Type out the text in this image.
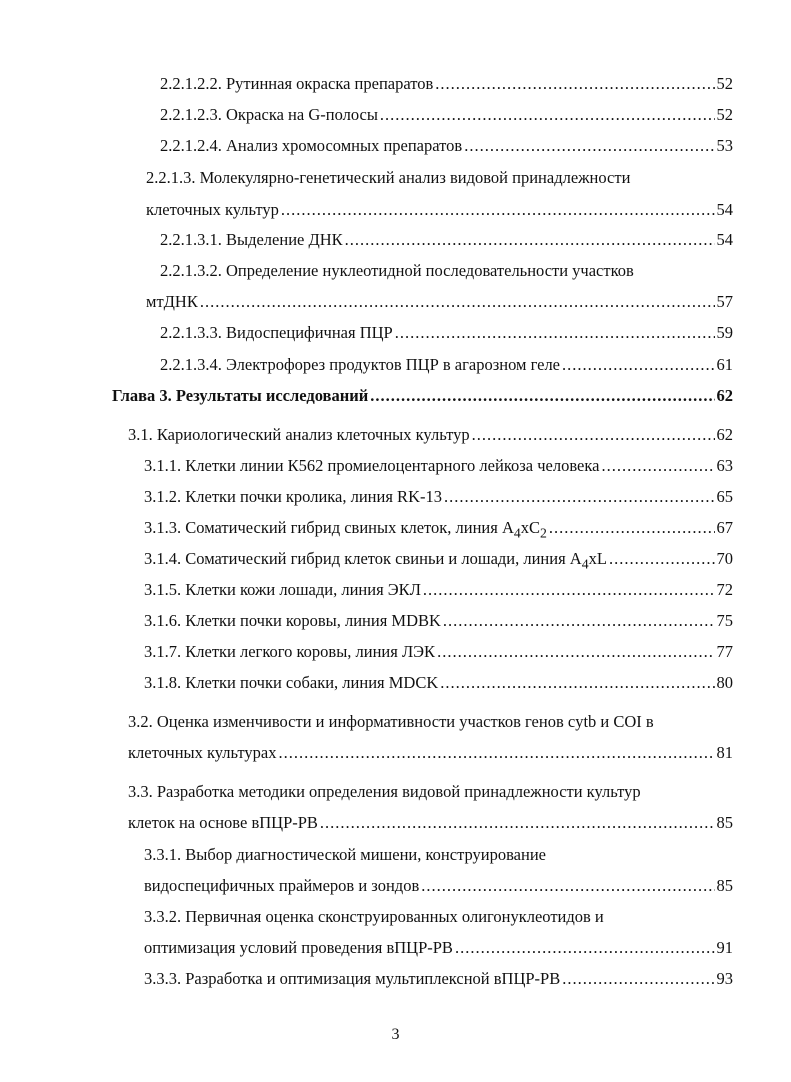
2.2.1.2.2. Рутинная окраска препаратов .....	52
2.2.1.2.3. Окраска на G-полосы .....	52
2.2.1.2.4. Анализ хромосомных препаратов .....	53
2.2.1.3. Молекулярно-генетический анализ видовой принадлежности
клеточных культур .....	54
2.2.1.3.1. Выделение ДНК .....	54
2.2.1.3.2. Определение нуклеотидной последовательности участков
мтДНК .....	57
2.2.1.3.3. Видоспецифичная ПЦР .....	59
2.2.1.3.4. Электрофорез продуктов ПЦР в агарозном геле .....	61
Глава 3. Результаты исследований .....	62
3.1. Кариологический анализ клеточных культур .....	62
3.1.1. Клетки линии К562 промиелоцентарного лейкоза человека .....	63
3.1.2. Клетки почки кролика, линия RK-13 .....	65
3.1.3. Соматический гибрид свиных клеток, линия $А_4хС_2$ .....	67
3.1.4. Соматический гибрид клеток свиньи и лошади, линия $А_4хL$ .....	70
3.1.5. Клетки кожи лошади, линия ЭКЛ .....	72
3.1.6. Клетки почки коровы, линия MDBK .....	75
3.1.7. Клетки легкого коровы, линия ЛЭК .....	77
3.1.8. Клетки почки собаки, линия MDCK .....	80
3.2. Оценка изменчивости и информативности участков генов cytb и COI в
клеточных культурах .....	81
3.3. Разработка методики определения видовой принадлежности культур
клеток на основе вПЦР-РВ .....	85
3.3.1. Выбор диагностической мишени, конструирование
видоспецифичных праймеров и зондов .....	85
3.3.2. Первичная оценка сконструированных олигонуклеотидов и
оптимизация условий проведения вПЦР-РВ .....	91
3.3.3. Разработка и оптимизация мультиплексной вПЦР-РВ .....	93
3
